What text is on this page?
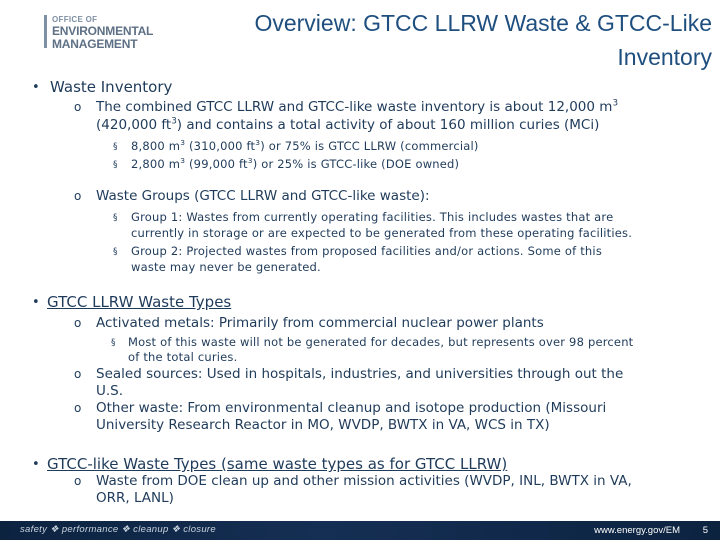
OFFICE OF
ENVIRONMENTAL
MANAGEMENT
Overview: GTCC LLRW Waste & GTCC-Like
Inventory
• Waste Inventory
o The combined GTCC LLRW and GTCC-like waste inventory is about 12,000 $m^3$
(420,000 $ft^3$) and contains a total activity of about 160 million curies (MCi)
§ 8,800 $m^3$ (310,000 $ft^3$) or 75% is GTCC LLRW (commercial)
§ 2,800 $m^3$ (99,000 $ft^3$) or 25% is GTCC-like (DOE owned)
o Waste Groups (GTCC LLRW and GTCC-like waste):
§ Group 1: Wastes from currently operating facilities. This includes wastes that are
currently in storage or are expected to be generated from these operating facilities.
§ Group 2: Projected wastes from proposed facilities and/or actions. Some of this
waste may never be generated.
• GTCC LLRW Waste Types
o Activated metals: Primarily from commercial nuclear power plants
§ Most of this waste will not be generated for decades, but represents over 98 percent
of the total curies.
o Sealed sources: Used in hospitals, industries, and universities through out the
U.S.
o Other waste: From environmental cleanup and isotope production (Missouri
University Research Reactor in MO, WVDP, BWTX in VA, WCS in TX)
• GTCC-like Waste Types (same waste types as for GTCC LLRW)
o Waste from DOE clean up and other mission activities (WVDP, INL, BWTX in VA,
ORR, LANL)
safety ❖ performance ❖ cleanup ❖ closure	www.energy.gov/EM 5
